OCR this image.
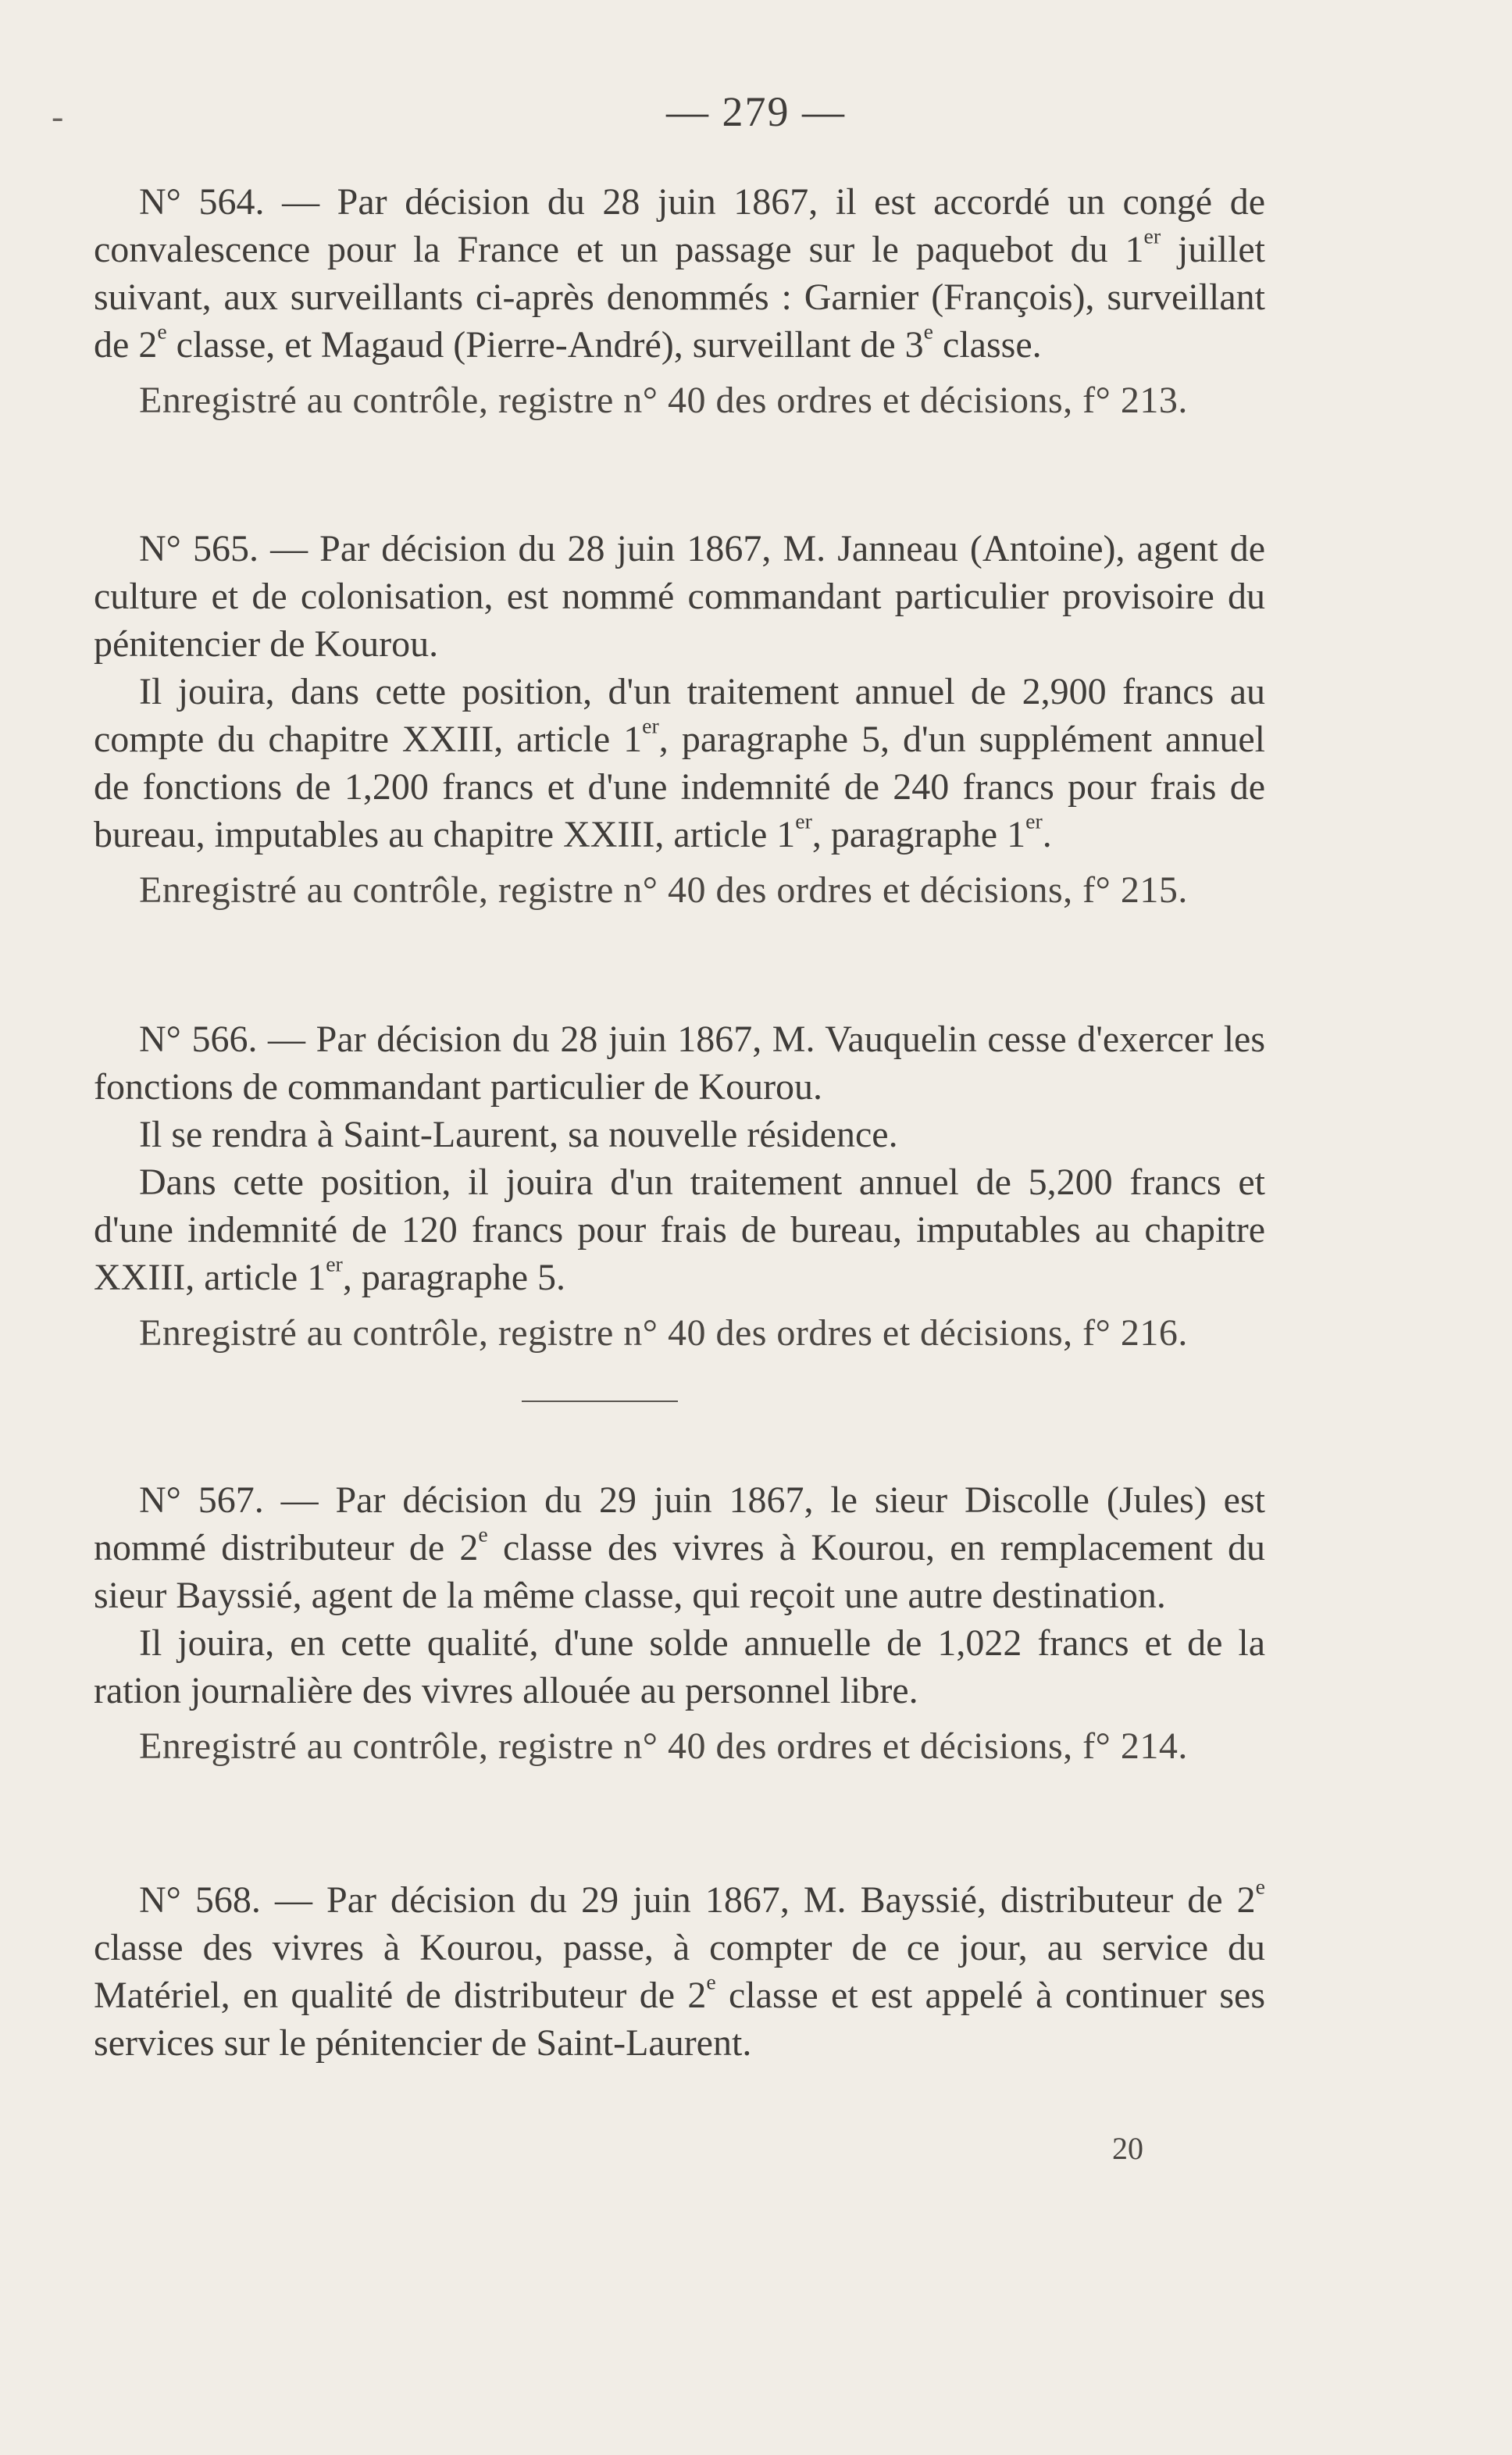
-	— 279 —

N° 564. — Par décision du 28 juin 1867, il est accordé un congé de convalescence pour la France et un passage sur le paquebot du 1er juillet suivant, aux surveillants ci-après denommés : Garnier (François), surveillant de 2e classe, et Magaud (Pierre-André), surveillant de 3e classe.

Enregistré au contrôle, registre n° 40 des ordres et décisions, f° 213.

N° 565. — Par décision du 28 juin 1867, M. Janneau (Antoine), agent de culture et de colonisation, est nommé commandant particulier provisoire du pénitencier de Kourou.

Il jouira, dans cette position, d'un traitement annuel de 2,900 francs au compte du chapitre XXIII, article 1er, paragraphe 5, d'un supplément annuel de fonctions de 1,200 francs et d'une indemnité de 240 francs pour frais de bureau, imputables au chapitre XXIII, article 1er, paragraphe 1er.

Enregistré au contrôle, registre n° 40 des ordres et décisions, f° 215.

N° 566. — Par décision du 28 juin 1867, M. Vauquelin cesse d'exercer les fonctions de commandant particulier de Kourou.

Il se rendra à Saint-Laurent, sa nouvelle résidence.

Dans cette position, il jouira d'un traitement annuel de 5,200 francs et d'une indemnité de 120 francs pour frais de bureau, imputables au chapitre XXIII, article 1er, paragraphe 5.

Enregistré au contrôle, registre n° 40 des ordres et décisions, f° 216.

N° 567. — Par décision du 29 juin 1867, le sieur Discolle (Jules) est nommé distributeur de 2e classe des vivres à Kourou, en remplacement du sieur Bayssié, agent de la même classe, qui reçoit une autre destination.

Il jouira, en cette qualité, d'une solde annuelle de 1,022 francs et de la ration journalière des vivres allouée au personnel libre.

Enregistré au contrôle, registre n° 40 des ordres et décisions, f° 214.

N° 568. — Par décision du 29 juin 1867, M. Bayssié, distributeur de 2e classe des vivres à Kourou, passe, à compter de ce jour, au service du Matériel, en qualité de distributeur de 2e classe et est appelé à continuer ses services sur le pénitencier de Saint-Laurent.

20
